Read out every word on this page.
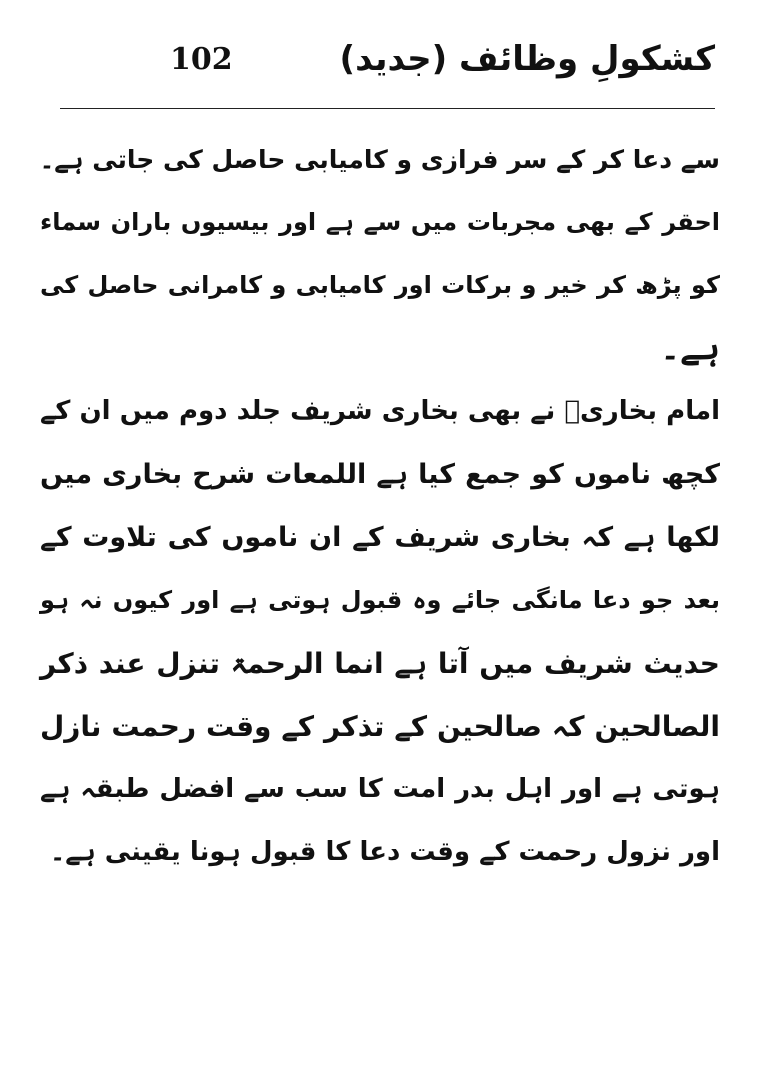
102	کشکولِ وظائف (جدید)
سے دعا کر کے سر فرازی و کامیابی حاصل کی جاتی ہے۔
احقر کے بھی مجربات میں سے ہے اور بیسیوں باران سماء
کو پڑھ کر خیر و برکات اور کامیابی و کامرانی حاصل کی
ہے۔
امام بخاریؒ نے بھی بخاری شریف جلد دوم میں ان کے
کچھ ناموں کو جمع کیا ہے اللمعات شرح بخاری میں
لکھا ہے کہ بخاری شریف کے ان ناموں کی تلاوت کے
بعد جو دعا مانگی جائے وہ قبول ہوتی ہے اور کیوں نہ ہو
حدیث شریف میں آتا ہے انما الرحمۃ تنزل عند ذکر
الصالحین کہ صالحین کے تذکر کے وقت رحمت نازل
ہوتی ہے اور اہل بدر امت کا سب سے افضل طبقہ ہے
اور نزول رحمت کے وقت دعا کا قبول ہونا یقینی ہے۔
